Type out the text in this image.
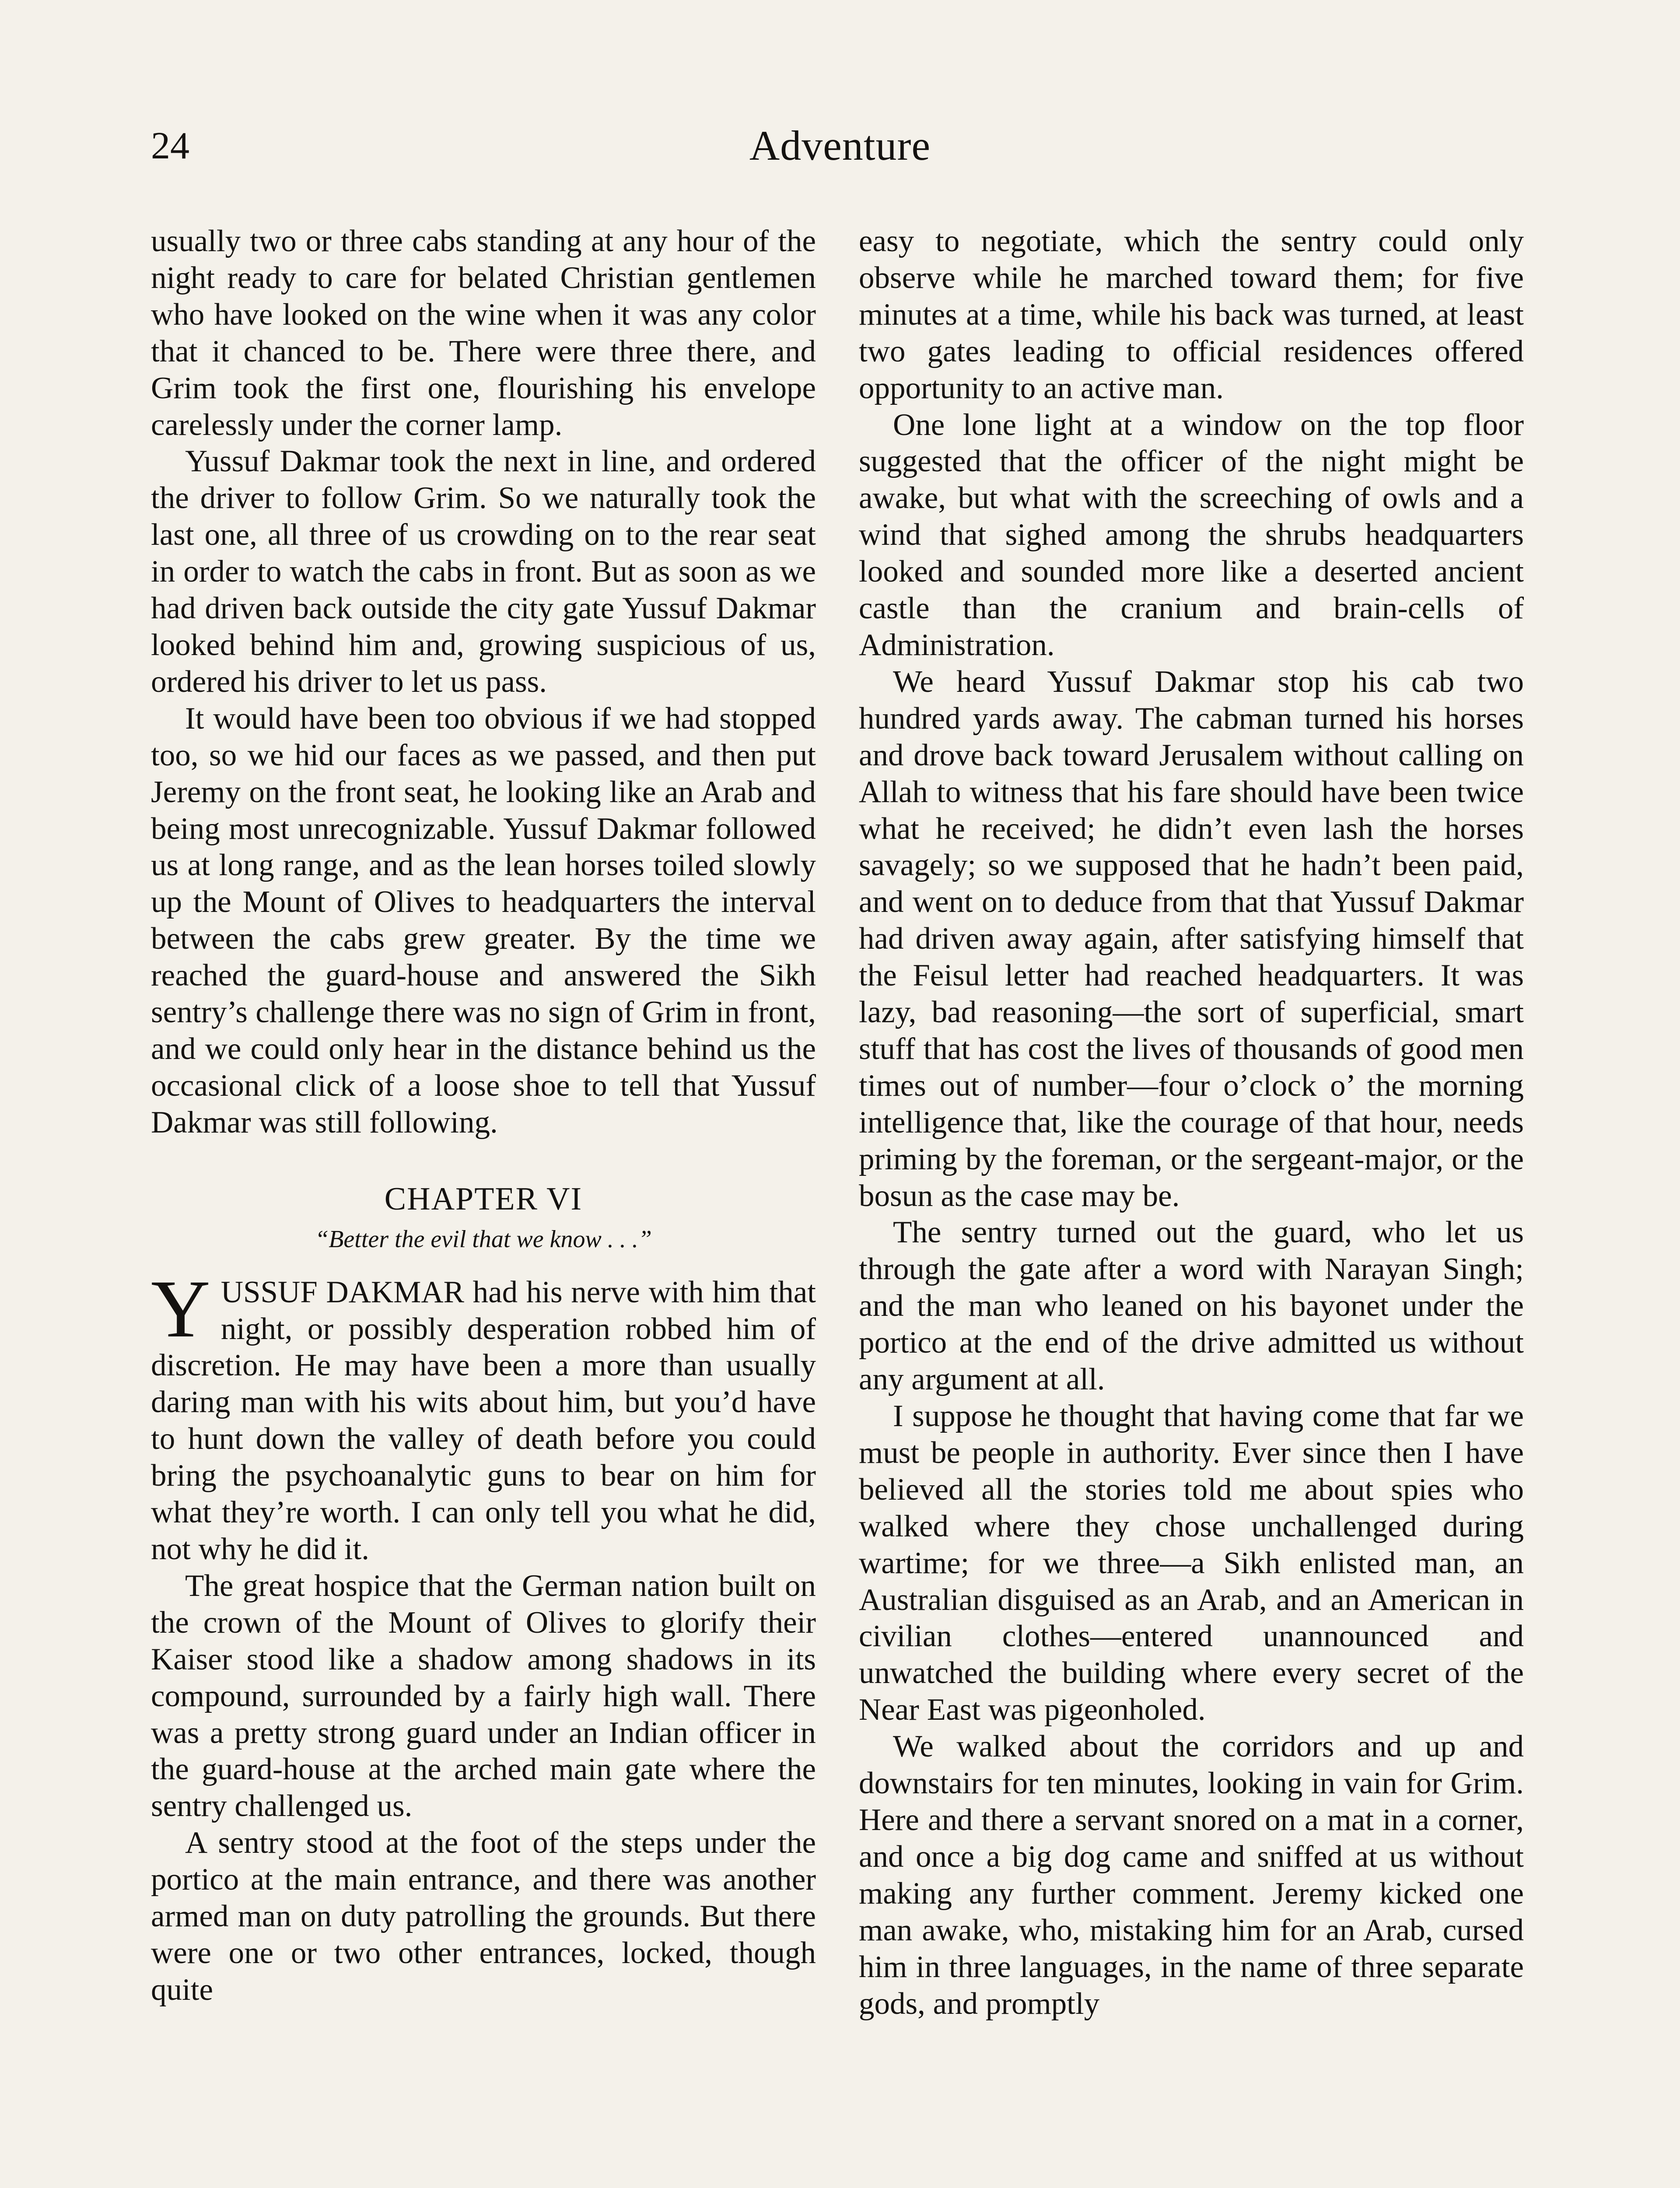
24	Adventure

usually two or three cabs standing at any hour of the night ready to care for belated Christian gentlemen who have looked on the wine when it was any color that it chanced to be. There were three there, and Grim took the first one, flourishing his envelope carelessly under the corner lamp.

Yussuf Dakmar took the next in line, and ordered the driver to follow Grim. So we naturally took the last one, all three of us crowding on to the rear seat in order to watch the cabs in front. But as soon as we had driven back outside the city gate Yussuf Dakmar looked behind him and, growing suspicious of us, ordered his driver to let us pass.

It would have been too obvious if we had stopped too, so we hid our faces as we passed, and then put Jeremy on the front seat, he looking like an Arab and being most unrecognizable. Yussuf Dakmar followed us at long range, and as the lean horses toiled slowly up the Mount of Olives to headquarters the interval between the cabs grew greater. By the time we reached the guard-house and answered the Sikh sentry’s challenge there was no sign of Grim in front, and we could only hear in the distance behind us the occasional click of a loose shoe to tell that Yussuf Dakmar was still following.

CHAPTER VI
“Better the evil that we know . . .”

YUSSUF DAKMAR had his nerve with him that night, or possibly desperation robbed him of discretion. He may have been a more than usually daring man with his wits about him, but you’d have to hunt down the valley of death before you could bring the psychoanalytic guns to bear on him for what they’re worth. I can only tell you what he did, not why he did it.

The great hospice that the German nation built on the crown of the Mount of Olives to glorify their Kaiser stood like a shadow among shadows in its compound, surrounded by a fairly high wall. There was a pretty strong guard under an Indian officer in the guard-house at the arched main gate where the sentry challenged us.

A sentry stood at the foot of the steps under the portico at the main entrance, and there was another armed man on duty patrolling the grounds. But there were one or two other entrances, locked, though quite

easy to negotiate, which the sentry could only observe while he marched toward them; for five minutes at a time, while his back was turned, at least two gates leading to official residences offered opportunity to an active man.

One lone light at a window on the top floor suggested that the officer of the night might be awake, but what with the screeching of owls and a wind that sighed among the shrubs headquarters looked and sounded more like a deserted ancient castle than the cranium and brain-cells of Administration.

We heard Yussuf Dakmar stop his cab two hundred yards away. The cabman turned his horses and drove back toward Jerusalem without calling on Allah to witness that his fare should have been twice what he received; he didn’t even lash the horses savagely; so we supposed that he hadn’t been paid, and went on to deduce from that that Yussuf Dakmar had driven away again, after satisfying himself that the Feisul letter had reached headquarters. It was lazy, bad reasoning—the sort of superficial, smart stuff that has cost the lives of thousands of good men times out of number—four o’clock o’ the morning intelligence that, like the courage of that hour, needs priming by the foreman, or the sergeant-major, or the bosun as the case may be.

The sentry turned out the guard, who let us through the gate after a word with Narayan Singh; and the man who leaned on his bayonet under the portico at the end of the drive admitted us without any argument at all.

I suppose he thought that having come that far we must be people in authority. Ever since then I have believed all the stories told me about spies who walked where they chose unchallenged during wartime; for we three—a Sikh enlisted man, an Australian disguised as an Arab, and an American in civilian clothes—entered unannounced and unwatched the building where every secret of the Near East was pigeonholed.

We walked about the corridors and up and downstairs for ten minutes, looking in vain for Grim. Here and there a servant snored on a mat in a corner, and once a big dog came and sniffed at us without making any further comment. Jeremy kicked one man awake, who, mistaking him for an Arab, cursed him in three languages, in the name of three separate gods, and promptly
